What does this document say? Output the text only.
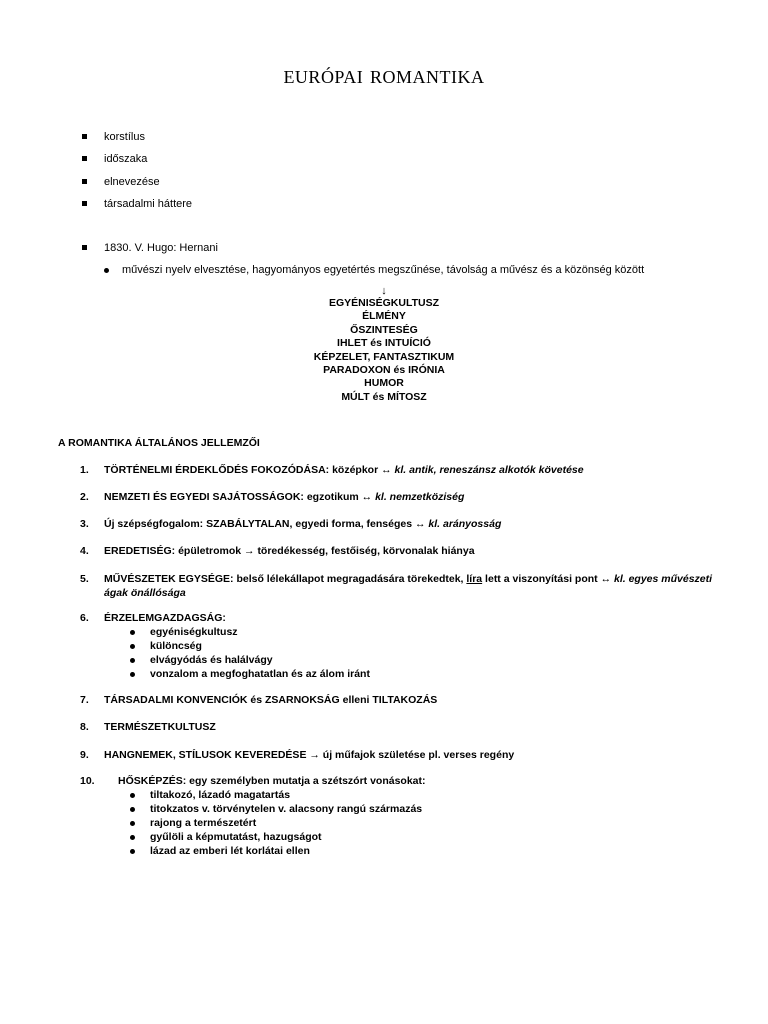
európai romantika
korstílus
időszaka
elnevezése
társadalmi háttere
1830. V. Hugo: Hernani
művészi nyelv elvesztése, hagyományos egyetértés megszűnése, távolság a művész és a közönség között
↓
EGYÉNISÉGKULTUSZ
ÉLMÉNY
ŐSZINTESÉG
IHLET és INTUÍCIÓ
KÉPZELET, FANTASZTIKUM
PARADOXON és IRÓNIA
HUMOR
MÚLT és MÍTOSZ
A ROMANTIKA ÁLTALÁNOS JELLEMZŐI
1.	TÖRTÉNELMI ÉRDEKLŐDÉS FOKOZÓDÁSA: középkor ↔ kl. antik, reneszánsz alkotók követése
2.	NEMZETI ÉS EGYEDI SAJÁTOSSÁGOK: egzotikum ↔ kl. nemzetköziség
3.	Új szépségfogalom: SZABÁLYTALAN, egyedi forma, fenséges ↔ kl. arányosság
4.	EREDETISÉG: épületromok → töredékesség, festőiség, körvonalak hiánya
5.	MŰVÉSZETEK EGYSÉGE: belső lélekállapot megragadására törekedtek, líra lett a viszonyítási pont ↔ kl. egyes művészeti ágak önállósága
6.	ÉRZELEMGAZDAGSÁG:
egyéniségkultusz
különcség
elvágyódás és halálvágy
vonzalom a megfoghatatlan és az álom iránt
7.	TÁRSADALMI KONVENCIÓK és ZSARNOKSÁG elleni TILTAKOZÁS
8.	TERMÉSZETKULTUSZ
9.	HANGNEMEK, STÍLUSOK KEVEREDÉSE → új műfajok születése pl. verses regény
10.	HŐSKÉPZÉS: egy személyben mutatja a szétszórt vonásokat:
tiltakozó, lázadó magatartás
titokzatos v. törvénytelen v. alacsony rangú származás
rajong a természetért
gyűlöli a képmutatást, hazugságot
lázad az emberi lét korlátai ellen
